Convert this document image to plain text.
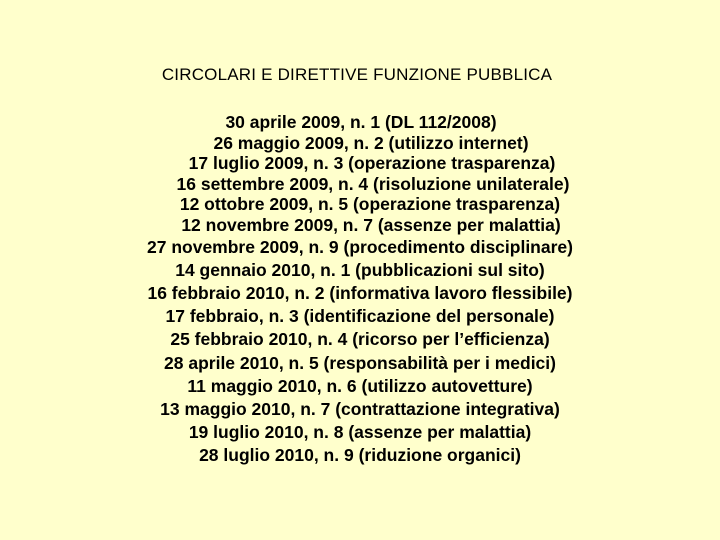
CIRCOLARI E DIRETTIVE FUNZIONE PUBBLICA
30 aprile 2009, n. 1 (DL 112/2008)
26 maggio 2009, n. 2 (utilizzo internet)
17 luglio 2009, n. 3 (operazione trasparenza)
16 settembre 2009, n. 4 (risoluzione unilaterale)
12 ottobre 2009, n. 5 (operazione trasparenza)
12 novembre 2009, n. 7 (assenze per malattia)
27 novembre 2009, n. 9 (procedimento disciplinare)
14 gennaio 2010, n. 1 (pubblicazioni sul sito)
16 febbraio 2010, n. 2 (informativa lavoro flessibile)
17 febbraio, n. 3 (identificazione del personale)
25 febbraio 2010, n. 4 (ricorso per l’efficienza)
28 aprile 2010, n. 5 (responsabilità per i medici)
11 maggio 2010, n. 6 (utilizzo autovetture)
13 maggio 2010, n. 7 (contrattazione integrativa)
19 luglio 2010, n. 8 (assenze per malattia)
28 luglio 2010, n. 9 (riduzione organici)
